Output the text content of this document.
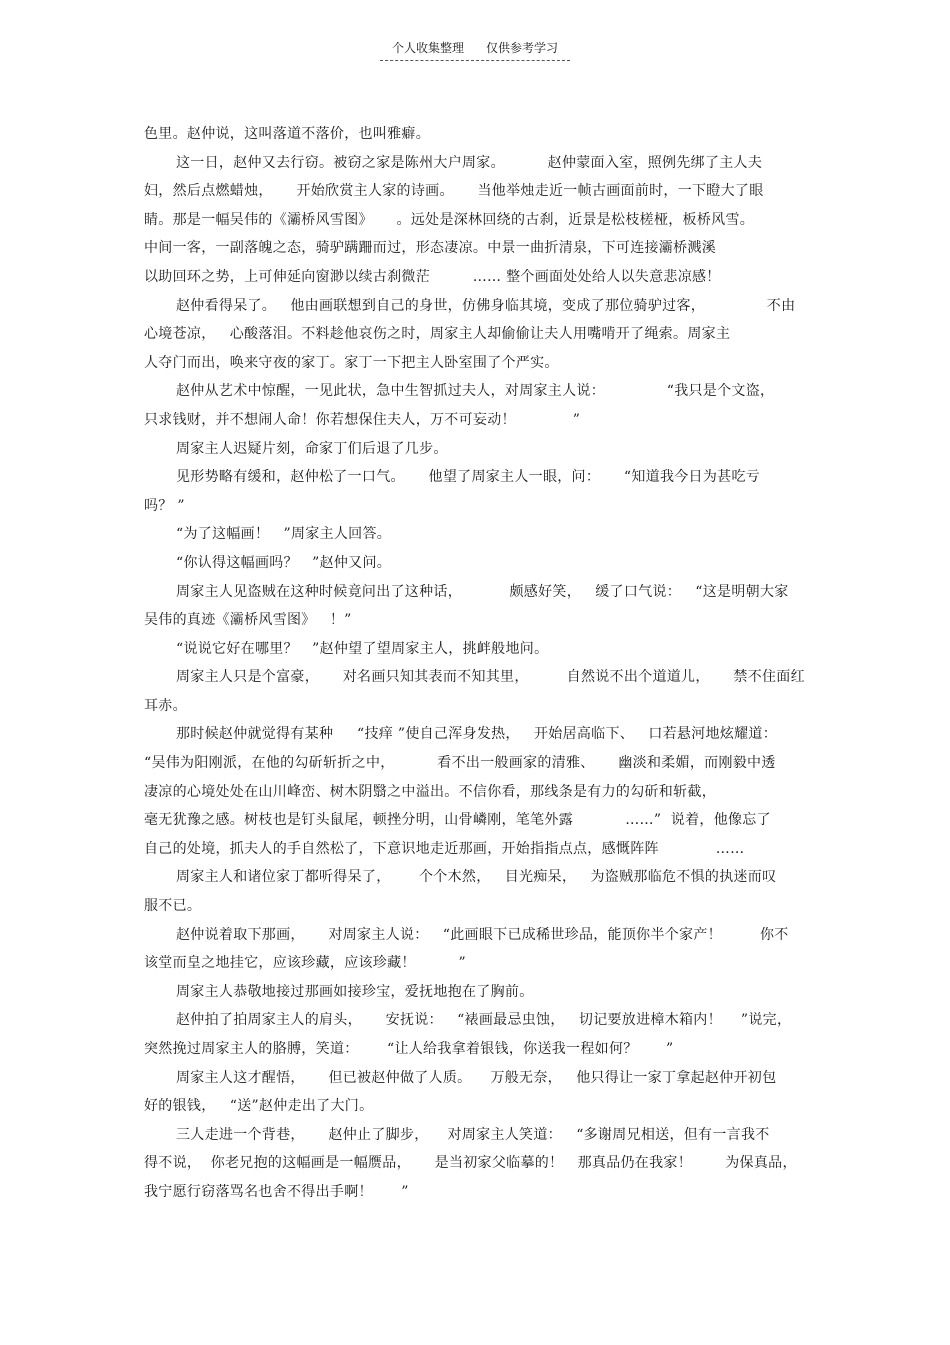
个人收集整理 仅供参考学习
色里。赵仲说，这叫落道不落价，也叫雅癖。
这一日，赵仲又去行窃。被窃之家是陈州大户周家。         赵仲蒙面入室，照例先绑了主人夫
妇，然后点燃蜡烛，     开始欣赏主人家的诗画。     当他举烛走近一帧古画面前时，一下瞪大了眼
睛。那是一幅吴伟的《灞桥风雪图》     。远处是深林回绕的古刹，近景是松枝槎桠，板桥风雪。
中间一客，一副落魄之态，骑驴蹒跚而过，形态凄凉。中景一曲折清泉，下可连接灞桥溅溪
以助回环之势，上可伸延向窗渺以续古刹微茫         …… 整个画面处处给人以失意悲凉感！
赵仲看得呆了。   他由画联想到自己的身世，仿佛身临其境，变成了那位骑驴过客，             不由
心境苍凉，   心酸落泪。不料趁他哀伤之时，周家主人却偷偷让夫人用嘴啃开了绳索。周家主
人夺门而出，唤来守夜的家丁。家丁一下把主人卧室围了个严实。
赵仲从艺术中惊醒，一见此状，急中生智抓过夫人，对周家主人说：             “我只是个文盗，
只求钱财，并不想闹人命！你若想保住夫人，万不可妄动！            ”
周家主人迟疑片刻，命家丁们后退了几步。
见形势略有缓和，赵仲松了一口气。     他望了周家主人一眼，问：     “知道我今日为甚吃亏
吗？ ”
“为了这幅画！   ”周家主人回答。
“你认得这幅画吗？   ”赵仲又问。
周家主人见盗贼在这种时候竟问出了这种话，          颇感好笑，   缓了口气说：   “这是明朝大家
吴伟的真迹《灞桥风雪图》   ！”
“说说它好在哪里？   ”赵仲望了望周家主人，挑衅般地问。
周家主人只是个富豪，     对名画只知其表而不知其里，        自然说不出个道道儿，     禁不住面红
耳赤。
那时候赵仲就觉得有某种     “技痒 ”使自己浑身发热，   开始居高临下、   口若悬河地炫耀道：
“吴伟为阳刚派，在他的勾斫斩折之中，         看不出一般画家的清雅、     幽淡和柔媚，而刚毅中透
凄凉的心境处处在山川峰峦、树木阴翳之中溢出。不信你看，那线条是有力的勾斫和斩截，
毫无犹豫之感。树枝也是钉头鼠尾，顿挫分明，山骨嶙刚，笔笔外露           ……”  说着，他像忘了
自己的处境，抓夫人的手自然松了，下意识地走近那画，开始指指点点，感慨阵阵            ……
周家主人和诸位家丁都听得呆了，      个个木然，   目光痴呆，   为盗贼那临危不惧的执迷而叹
服不已。
赵仲说着取下那画，     对周家主人说：   “此画眼下已成稀世珍品，能顶你半个家产！        你不
该堂而皇之地挂它，应该珍藏，应该珍藏！         ”
周家主人恭敬地接过那画如接珍宝，爱抚地抱在了胸前。
赵仲拍了拍周家主人的肩头，     安抚说：   “裱画最忌虫蚀，   切记要放进樟木箱内！    ”说完，
突然挽过周家主人的胳膊，笑道：      “让人给我拿着银钱，你送我一程如何？      ”
周家主人这才醒悟，     但已被赵仲做了人质。    万般无奈，   他只得让一家丁拿起赵仲开初包
好的银钱，   “送”赵仲走出了大门。
三人走进一个背巷，     赵仲止了脚步，    对周家主人笑道：   “多谢周兄相送，但有一言我不
得不说，  你老兄抱的这幅画是一幅赝品，     是当初家父临摹的！   那真品仍在我家！       为保真品，
我宁愿行窃落骂名也舍不得出手啊！      ”
